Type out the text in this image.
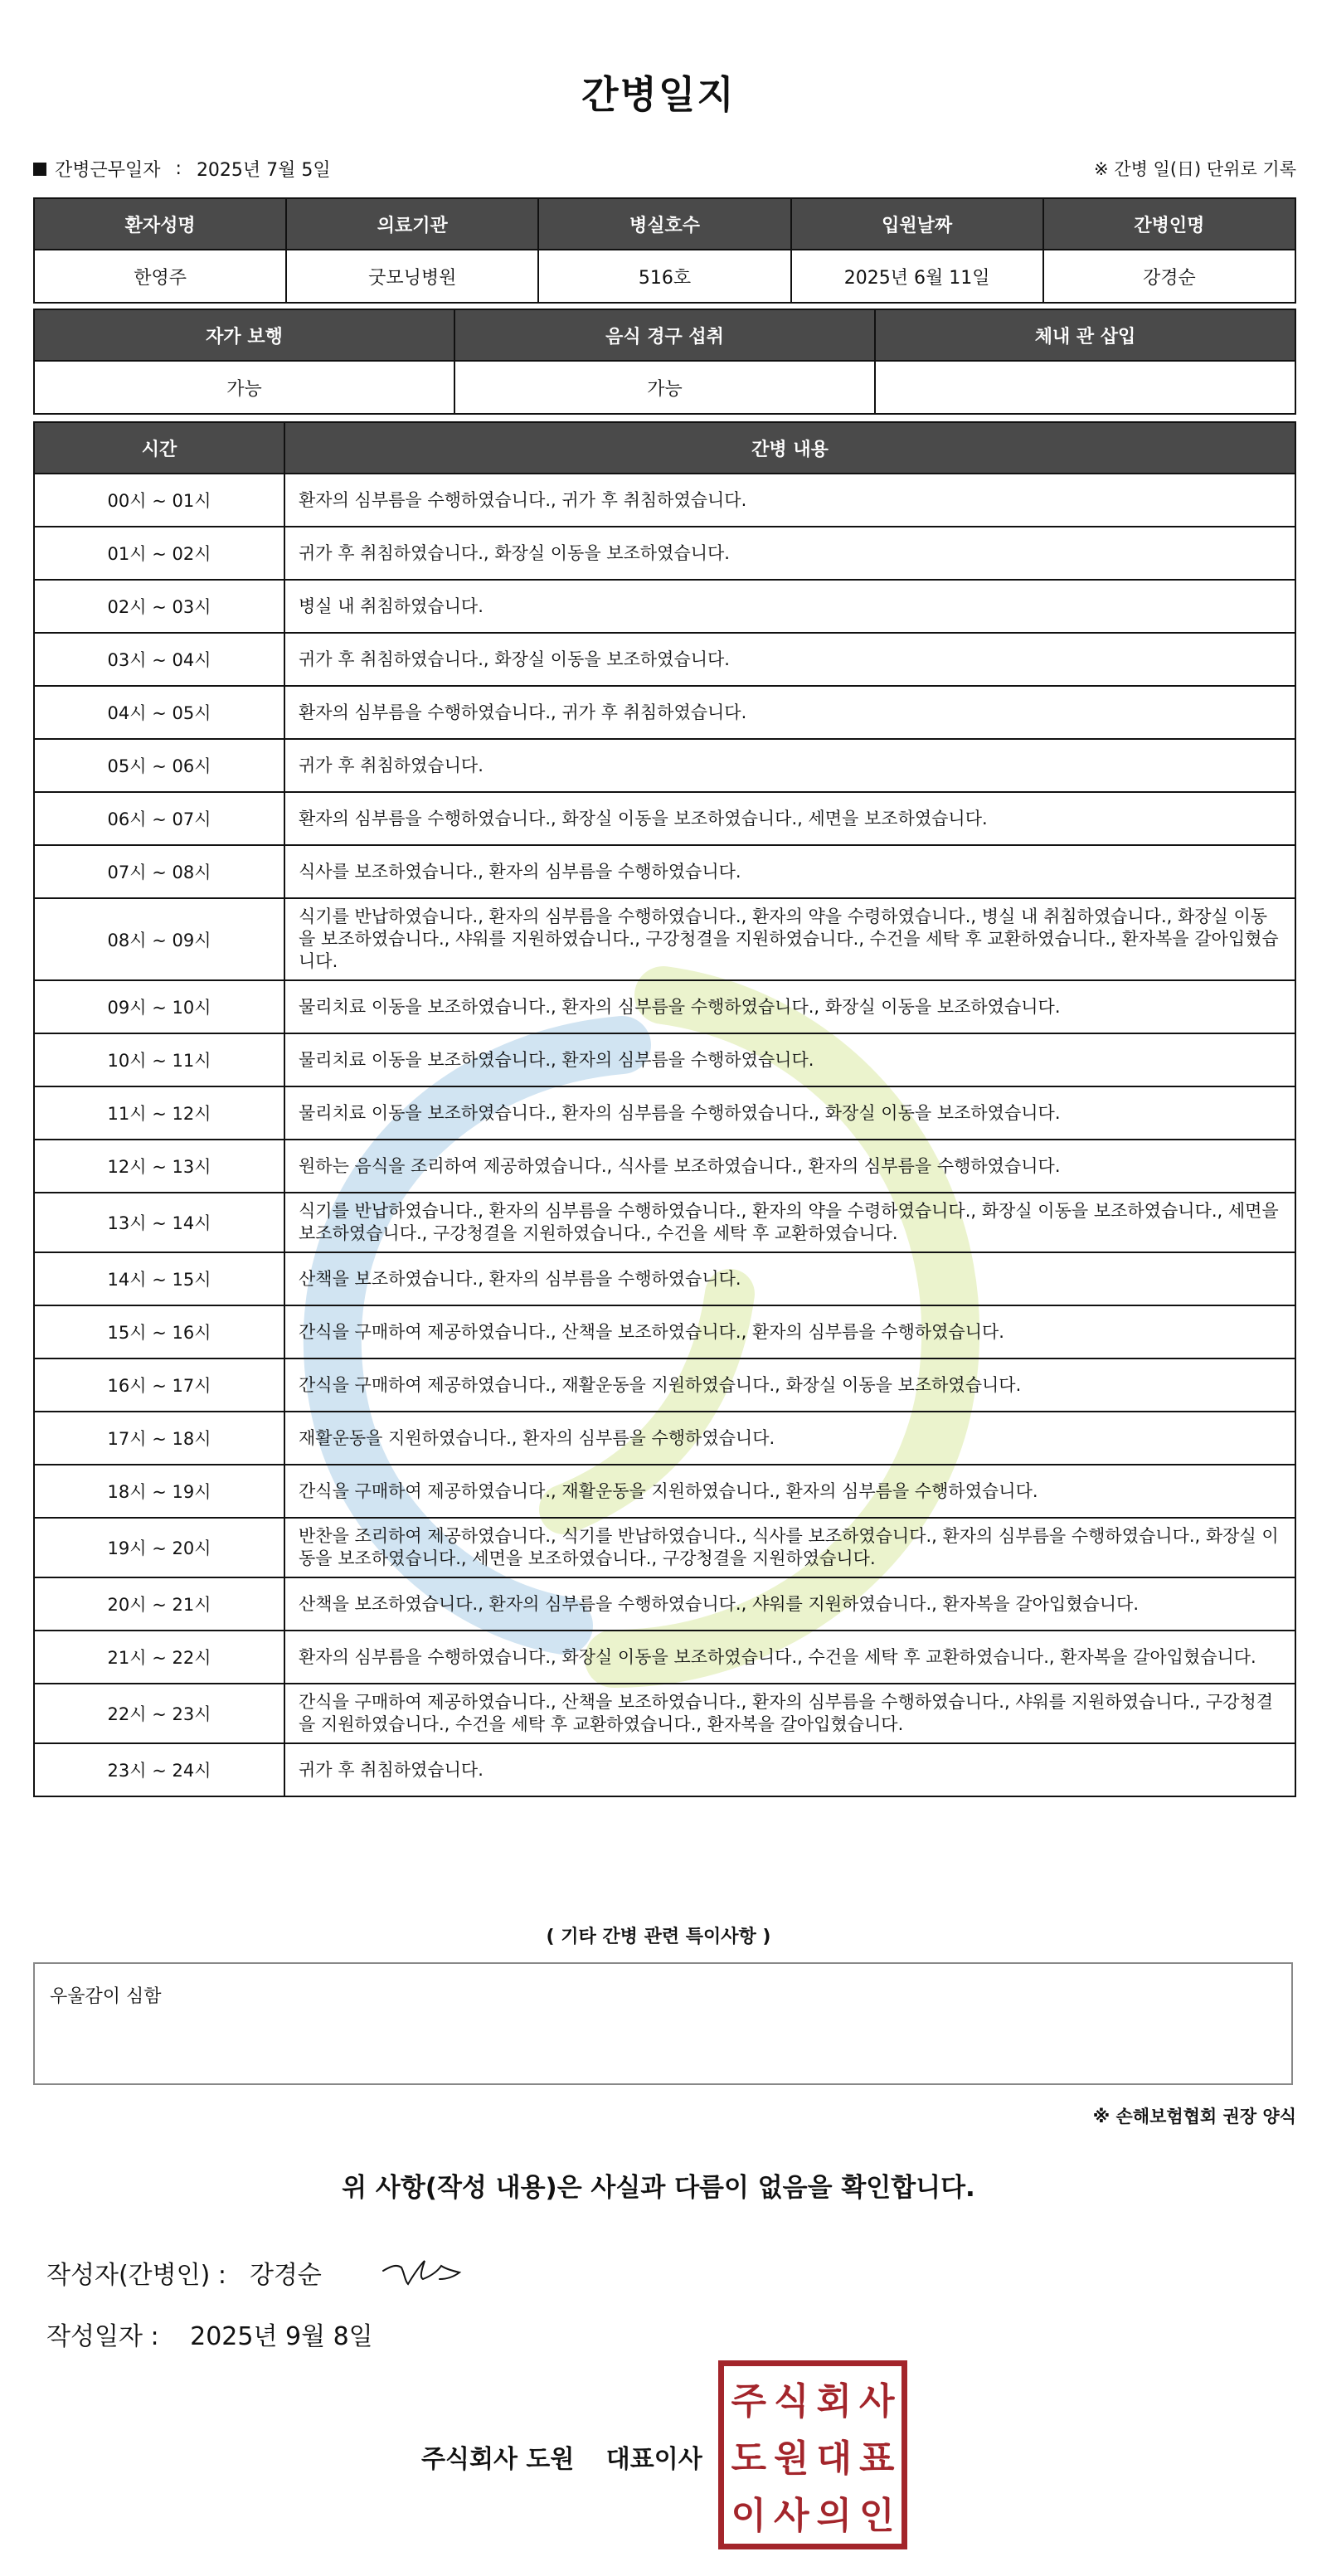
간병일지
간병근무일자 : 2025년 7월 5일	※ 간병 일(日) 단위로 기록
환자성명	의료기관	병실호수	입원날짜	간병인명
한영주	굿모닝병원	516호	2025년 6월 11일	강경순
자가 보행	음식 경구 섭취	체내 관 삽입
가능	가능	
시간	간병 내용
00시 ~ 01시	환자의 심부름을 수행하였습니다., 귀가 후 취침하였습니다.
01시 ~ 02시	귀가 후 취침하였습니다., 화장실 이동을 보조하였습니다.
02시 ~ 03시	병실 내 취침하였습니다.
03시 ~ 04시	귀가 후 취침하였습니다., 화장실 이동을 보조하였습니다.
04시 ~ 05시	환자의 심부름을 수행하였습니다., 귀가 후 취침하였습니다.
05시 ~ 06시	귀가 후 취침하였습니다.
06시 ~ 07시	환자의 심부름을 수행하였습니다., 화장실 이동을 보조하였습니다., 세면을 보조하였습니다.
07시 ~ 08시	식사를 보조하였습니다., 환자의 심부름을 수행하였습니다.
08시 ~ 09시	식기를 반납하였습니다., 환자의 심부름을 수행하였습니다., 환자의 약을 수령하였습니다., 병실 내 취침하였습니다., 화장실 이동을 보조하였습니다., 샤워를 지원하였습니다., 구강청결을 지원하였습니다., 수건을 세탁 후 교환하였습니다., 환자복을 갈아입혔습니다.
09시 ~ 10시	물리치료 이동을 보조하였습니다., 환자의 심부름을 수행하였습니다., 화장실 이동을 보조하였습니다.
10시 ~ 11시	물리치료 이동을 보조하였습니다., 환자의 심부름을 수행하였습니다.
11시 ~ 12시	물리치료 이동을 보조하였습니다., 환자의 심부름을 수행하였습니다., 화장실 이동을 보조하였습니다.
12시 ~ 13시	원하는 음식을 조리하여 제공하였습니다., 식사를 보조하였습니다., 환자의 심부름을 수행하였습니다.
13시 ~ 14시	식기를 반납하였습니다., 환자의 심부름을 수행하였습니다., 환자의 약을 수령하였습니다., 화장실 이동을 보조하였습니다., 세면을 보조하였습니다., 구강청결을 지원하였습니다., 수건을 세탁 후 교환하였습니다.
14시 ~ 15시	산책을 보조하였습니다., 환자의 심부름을 수행하였습니다.
15시 ~ 16시	간식을 구매하여 제공하였습니다., 산책을 보조하였습니다., 환자의 심부름을 수행하였습니다.
16시 ~ 17시	간식을 구매하여 제공하였습니다., 재활운동을 지원하였습니다., 화장실 이동을 보조하였습니다.
17시 ~ 18시	재활운동을 지원하였습니다., 환자의 심부름을 수행하였습니다.
18시 ~ 19시	간식을 구매하여 제공하였습니다., 재활운동을 지원하였습니다., 환자의 심부름을 수행하였습니다.
19시 ~ 20시	반찬을 조리하여 제공하였습니다., 식기를 반납하였습니다., 식사를 보조하였습니다., 환자의 심부름을 수행하였습니다., 화장실 이동을 보조하였습니다., 세면을 보조하였습니다., 구강청결을 지원하였습니다.
20시 ~ 21시	산책을 보조하였습니다., 환자의 심부름을 수행하였습니다., 샤워를 지원하였습니다., 환자복을 갈아입혔습니다.
21시 ~ 22시	환자의 심부름을 수행하였습니다., 화장실 이동을 보조하였습니다., 수건을 세탁 후 교환하였습니다., 환자복을 갈아입혔습니다.
22시 ~ 23시	간식을 구매하여 제공하였습니다., 산책을 보조하였습니다., 환자의 심부름을 수행하였습니다., 샤워를 지원하였습니다., 구강청결을 지원하였습니다., 수건을 세탁 후 교환하였습니다., 환자복을 갈아입혔습니다.
23시 ~ 24시	귀가 후 취침하였습니다.
( 기타 간병 관련 특이사항 )
우울감이 심함
※ 손해보험협회 권장 양식
위 사항(작성 내용)은 사실과 다름이 없음을 확인합니다.
작성자(간병인) : 강경순
작성일자 : 2025년 9월 8일
주식회사 도원 대표이사
주 식 회 사
도 원 대 표
이 사 의 인
